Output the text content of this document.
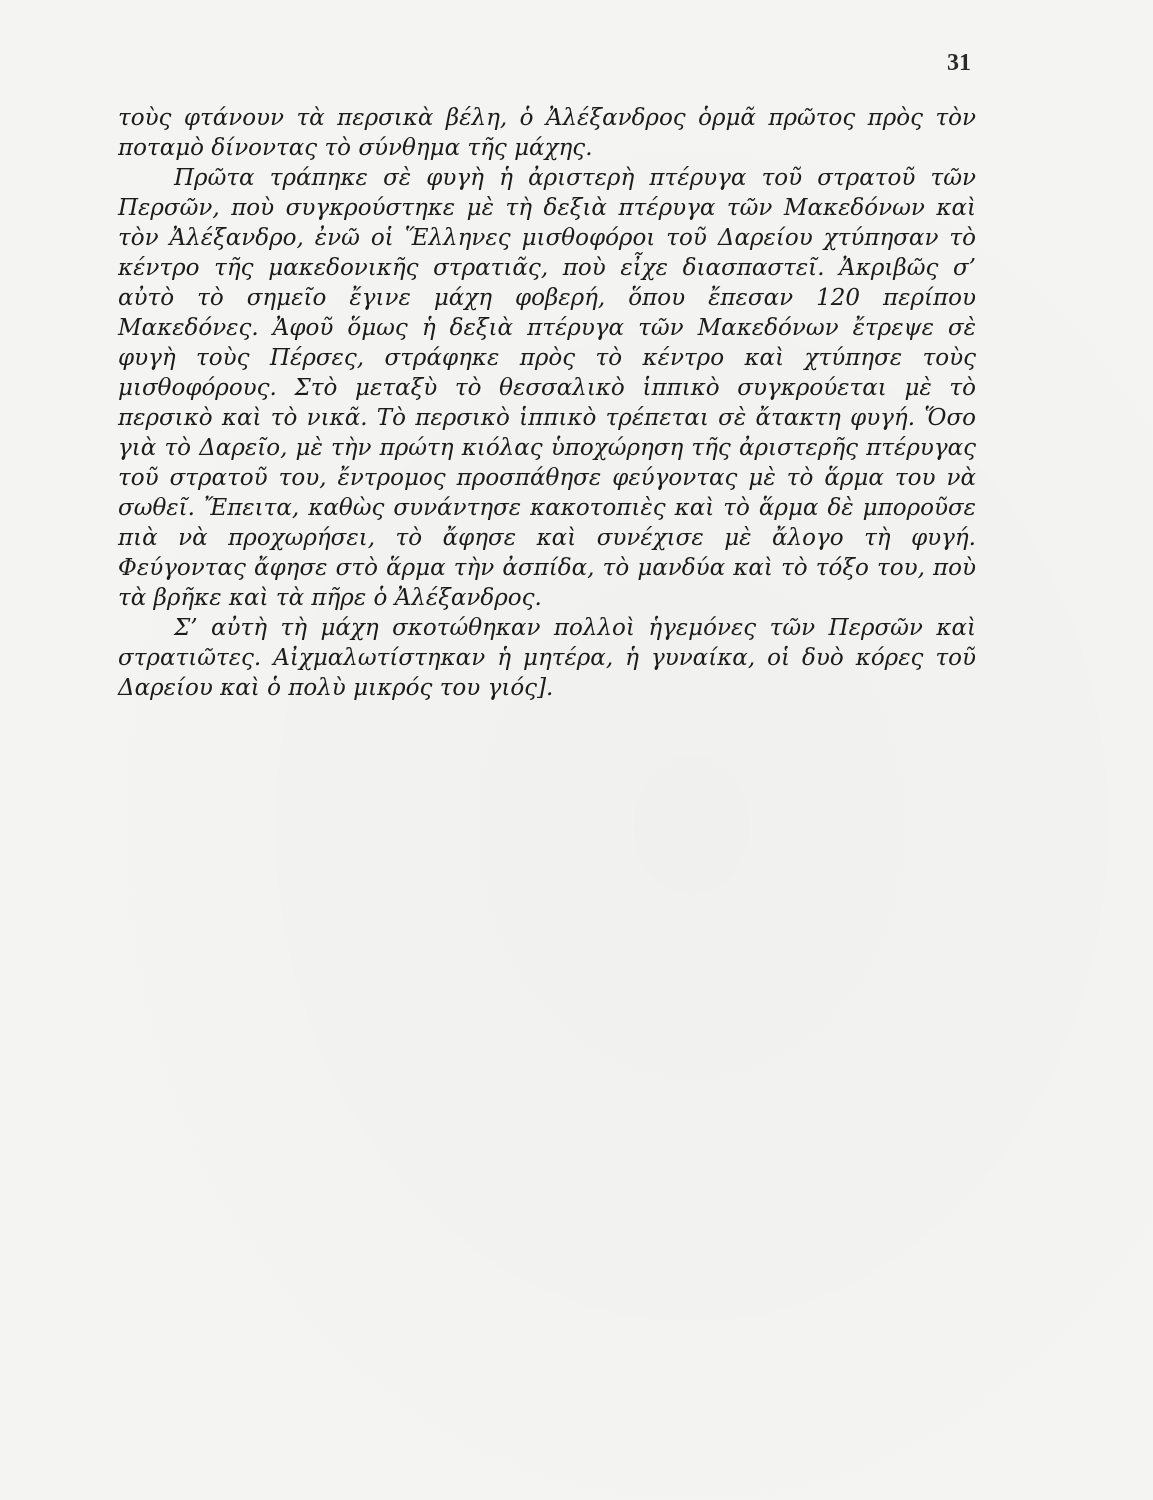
31

τοὺς φτάνουν τὰ περσικὰ βέλη, ὁ Ἀλέξανδρος ὁρμᾶ πρῶτος πρὸς τὸν ποταμὸ δίνοντας τὸ σύνθημα τῆς μάχης.

Πρῶτα τράπηκε σὲ φυγὴ ἡ ἀριστερὴ πτέρυγα τοῦ στρατοῦ τῶν Περσῶν, ποὺ συγκρούστηκε μὲ τὴ δεξιὰ πτέρυγα τῶν Μακεδόνων καὶ τὸν Ἀλέξανδρο, ἐνῶ οἱ Ἕλληνες μισθοφόροι τοῦ Δαρείου χτύπησαν τὸ κέντρο τῆς μακεδονικῆς στρατιᾶς, ποὺ εἶχε διασπαστεῖ. Ἀκριβῶς σ’ αὐτὸ τὸ σημεῖο ἔγινε μάχη φοβερή, ὅπου ἔπεσαν 120 περίπου Μακεδόνες. Ἀφοῦ ὅμως ἡ δεξιὰ πτέρυγα τῶν Μακεδόνων ἔτρεψε σὲ φυγὴ τοὺς Πέρσες, στράφηκε πρὸς τὸ κέντρο καὶ χτύπησε τοὺς μισθοφόρους. Στὸ μεταξὺ τὸ θεσσαλικὸ ἱππικὸ συγκρούεται μὲ τὸ περσικὸ καὶ τὸ νικᾶ. Τὸ περσικὸ ἱππικὸ τρέπεται σὲ ἄτακτη φυγή. Ὅσο γιὰ τὸ Δαρεῖο, μὲ τὴν πρώτη κιόλας ὑποχώρηση τῆς ἀριστερῆς πτέρυγας τοῦ στρατοῦ του, ἔντρομος προσπάθησε φεύγοντας μὲ τὸ ἅρμα του νὰ σωθεῖ. Ἔπειτα, καθὼς συνάντησε κακοτοπιὲς καὶ τὸ ἅρμα δὲ μποροῦσε πιὰ νὰ προχωρήσει, τὸ ἄφησε καὶ συνέχισε μὲ ἄλογο τὴ φυγή. Φεύγοντας ἄφησε στὸ ἅρμα τὴν ἀσπίδα, τὸ μανδύα καὶ τὸ τόξο του, ποὺ τὰ βρῆκε καὶ τὰ πῆρε ὁ Ἀλέξανδρος.

Σ’ αὐτὴ τὴ μάχη σκοτώθηκαν πολλοὶ ἡγεμόνες τῶν Περσῶν καὶ στρατιῶτες. Αἰχμαλωτίστηκαν ἡ μητέρα, ἡ γυναίκα, οἱ δυὸ κόρες τοῦ Δαρείου καὶ ὁ πολὺ μικρός του γιός].
